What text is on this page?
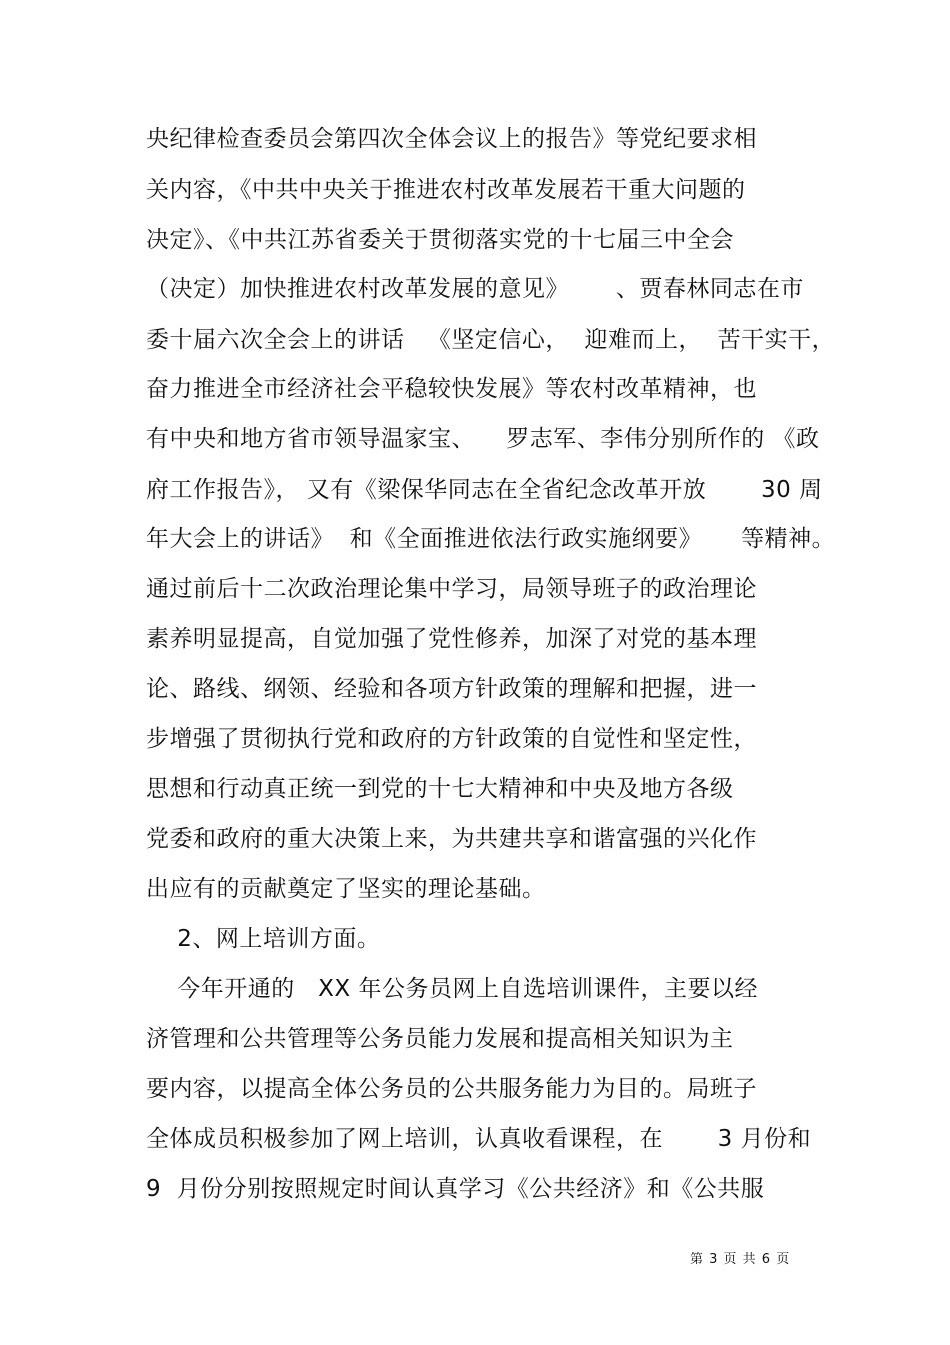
央纪律检查委员会第四次全体会议上的报告》等党纪要求相
关内容，《中共中央关于推进农村改革发展若干重大问题的
决定》、《中共江苏省委关于贯彻落实党的十七届三中全会
（决定）加快推进农村改革发展的意见》      、贾春林同志在市
委十届六次全会上的讲话   《坚定信心，  迎难而上，  苦干实干，
奋力推进全市经济社会平稳较快发展》等农村改革精神，也
有中央和地方省市领导温家宝、    罗志军、李伟分别所作的 《政
府工作报告》， 又有《梁保华同志在全省纪念改革开放       30 周
年大会上的讲话》  和《全面推进依法行政实施纲要》     等精神。
通过前后十二次政治理论集中学习，局领导班子的政治理论
素养明显提高，自觉加强了党性修养，加深了对党的基本理
论、路线、纲领、经验和各项方针政策的理解和把握，进一
步增强了贯彻执行党和政府的方针政策的自觉性和坚定性，
思想和行动真正统一到党的十七大精神和中央及地方各级
党委和政府的重大决策上来，为共建共享和谐富强的兴化作
出应有的贡献奠定了坚实的理论基础。
2、网上培训方面。
今年开通的   XX 年公务员网上自选培训课件，主要以经
济管理和公共管理等公务员能力发展和提高相关知识为主
要内容，以提高全体公务员的公共服务能力为目的。局班子
全体成员积极参加了网上培训，认真收看课程，在       3 月份和
9  月份分别按照规定时间认真学习《公共经济》和《公共服
第 3 页 共 6 页
